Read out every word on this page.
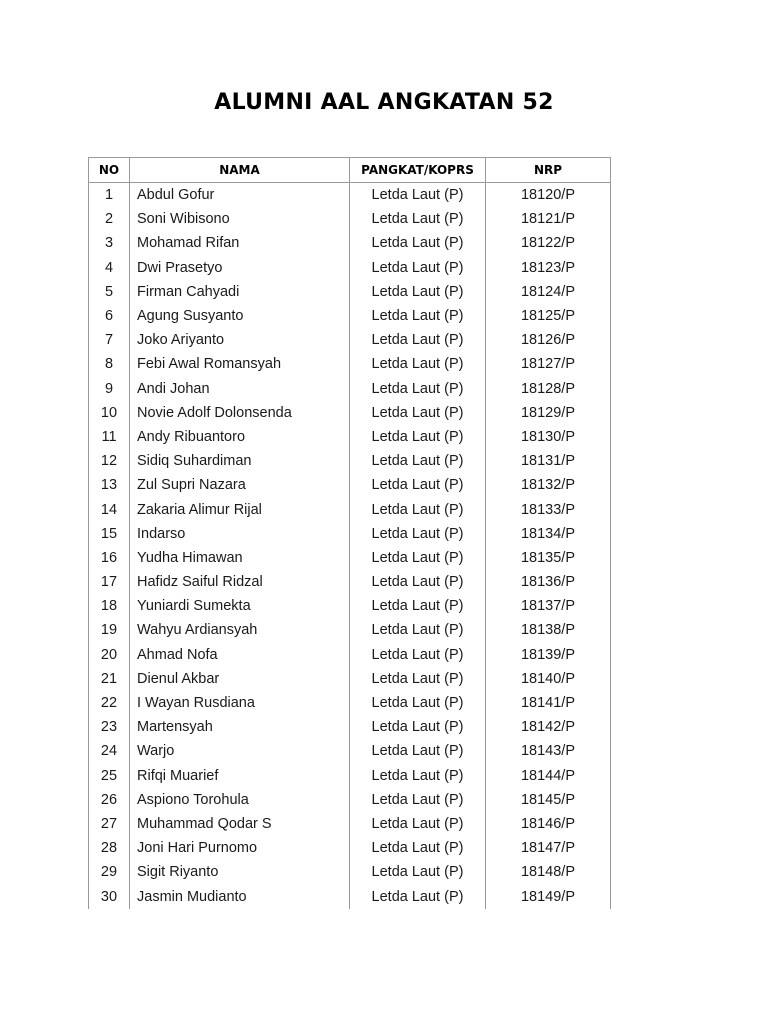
ALUMNI AAL ANGKATAN 52
NO	NAMA	PANGKAT/KOPRS	NRP
1	Abdul Gofur	Letda Laut (P)	18120/P
2	Soni Wibisono	Letda Laut (P)	18121/P
3	Mohamad Rifan	Letda Laut (P)	18122/P
4	Dwi Prasetyo	Letda Laut (P)	18123/P
5	Firman Cahyadi	Letda Laut (P)	18124/P
6	Agung Susyanto	Letda Laut (P)	18125/P
7	Joko Ariyanto	Letda Laut (P)	18126/P
8	Febi Awal Romansyah	Letda Laut (P)	18127/P
9	Andi Johan	Letda Laut (P)	18128/P
10	Novie Adolf Dolonsenda	Letda Laut (P)	18129/P
11	Andy Ribuantoro	Letda Laut (P)	18130/P
12	Sidiq Suhardiman	Letda Laut (P)	18131/P
13	Zul Supri Nazara	Letda Laut (P)	18132/P
14	Zakaria Alimur Rijal	Letda Laut (P)	18133/P
15	Indarso	Letda Laut (P)	18134/P
16	Yudha Himawan	Letda Laut (P)	18135/P
17	Hafidz Saiful Ridzal	Letda Laut (P)	18136/P
18	Yuniardi Sumekta	Letda Laut (P)	18137/P
19	Wahyu Ardiansyah	Letda Laut (P)	18138/P
20	Ahmad Nofa	Letda Laut (P)	18139/P
21	Dienul Akbar	Letda Laut (P)	18140/P
22	I Wayan Rusdiana	Letda Laut (P)	18141/P
23	Martensyah	Letda Laut (P)	18142/P
24	Warjo	Letda Laut (P)	18143/P
25	Rifqi Muarief	Letda Laut (P)	18144/P
26	Aspiono Torohula	Letda Laut (P)	18145/P
27	Muhammad Qodar S	Letda Laut (P)	18146/P
28	Joni Hari Purnomo	Letda Laut (P)	18147/P
29	Sigit Riyanto	Letda Laut (P)	18148/P
30	Jasmin Mudianto	Letda Laut (P)	18149/P
